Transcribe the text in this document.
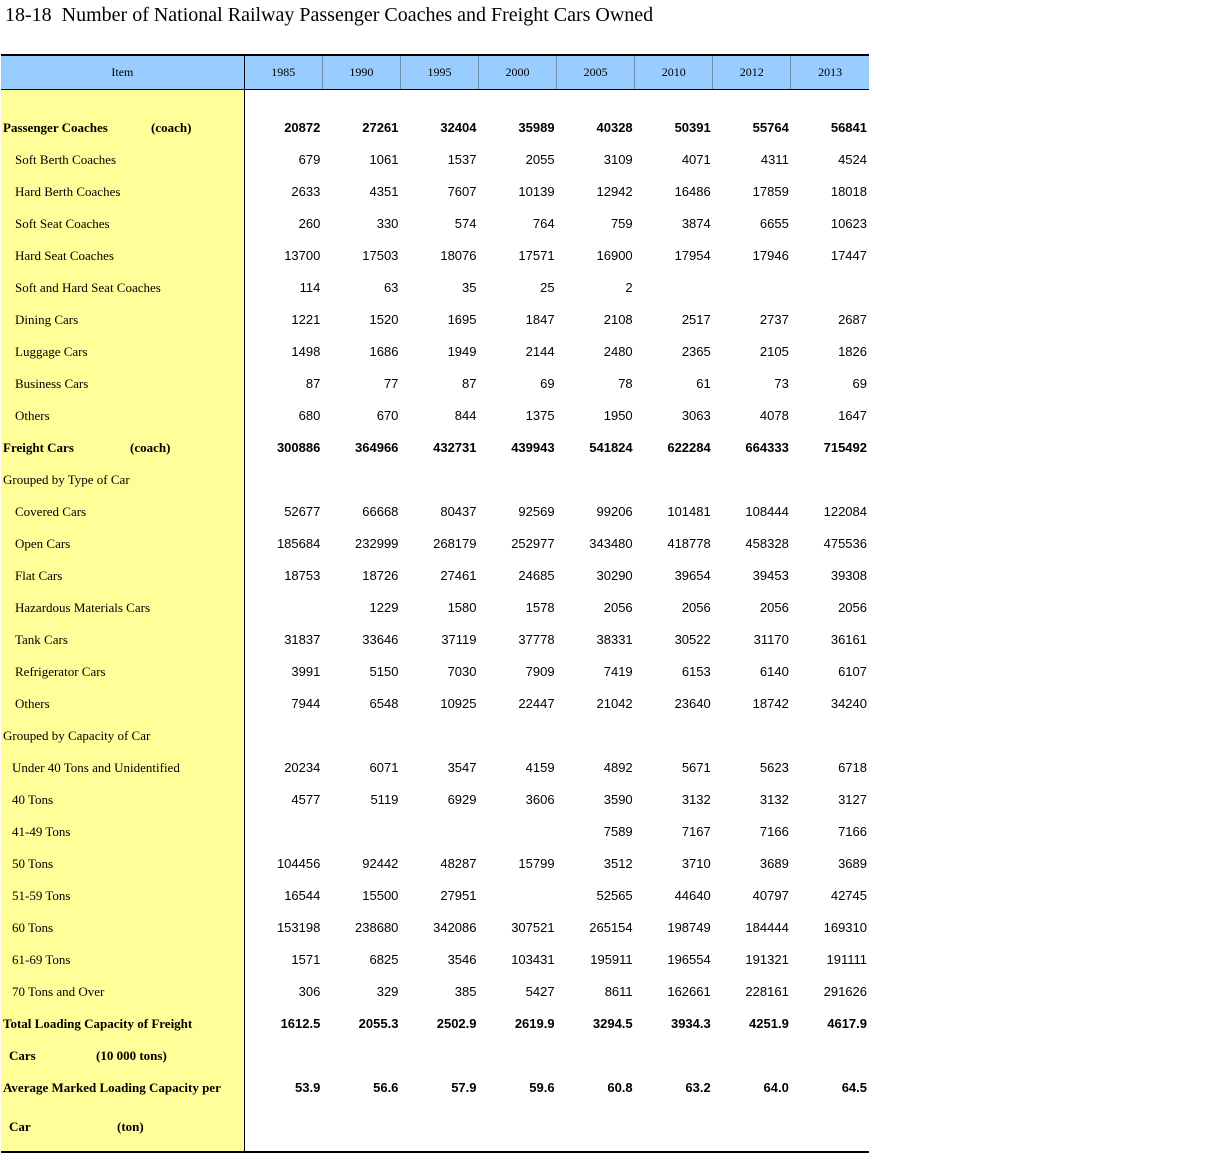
18-18  Number of National Railway Passenger Coaches and Freight Cars Owned
Item	1985	1990	1995	2000	2005	2010	2012	2013

Passenger Coaches (coach)	20872	27261	32404	35989	40328	50391	55764	56841
Soft Berth Coaches	679	1061	1537	2055	3109	4071	4311	4524
Hard Berth Coaches	2633	4351	7607	10139	12942	16486	17859	18018
Soft Seat Coaches	260	330	574	764	759	3874	6655	10623
Hard Seat Coaches	13700	17503	18076	17571	16900	17954	17946	17447
Soft and Hard Seat Coaches	114	63	35	25	2			
Dining Cars	1221	1520	1695	1847	2108	2517	2737	2687
Luggage Cars	1498	1686	1949	2144	2480	2365	2105	1826
Business Cars	87	77	87	69	78	61	73	69
Others	680	670	844	1375	1950	3063	4078	1647
Freight Cars (coach)	300886	364966	432731	439943	541824	622284	664333	715492
Grouped by Type of Car								
Covered Cars	52677	66668	80437	92569	99206	101481	108444	122084
Open Cars	185684	232999	268179	252977	343480	418778	458328	475536
Flat Cars	18753	18726	27461	24685	30290	39654	39453	39308
Hazardous Materials Cars		1229	1580	1578	2056	2056	2056	2056
Tank Cars	31837	33646	37119	37778	38331	30522	31170	36161
Refrigerator Cars	3991	5150	7030	7909	7419	6153	6140	6107
Others	7944	6548	10925	22447	21042	23640	18742	34240
Grouped by Capacity of Car								
Under 40 Tons and Unidentified	20234	6071	3547	4159	4892	5671	5623	6718
40 Tons	4577	5119	6929	3606	3590	3132	3132	3127
41-49 Tons					7589	7167	7166	7166
50 Tons	104456	92442	48287	15799	3512	3710	3689	3689
51-59 Tons	16544	15500	27951		52565	44640	40797	42745
60 Tons	153198	238680	342086	307521	265154	198749	184444	169310
61-69 Tons	1571	6825	3546	103431	195911	196554	191321	191111
70 Tons and Over	306	329	385	5427	8611	162661	228161	291626
Total Loading Capacity of Freight	1612.5	2055.3	2502.9	2619.9	3294.5	3934.3	4251.9	4617.9
Cars (10 000 tons)								

Average Marked Loading Capacity per	53.9	56.6	57.9	59.6	60.8	63.2	64.0	64.5
Car (ton)								
